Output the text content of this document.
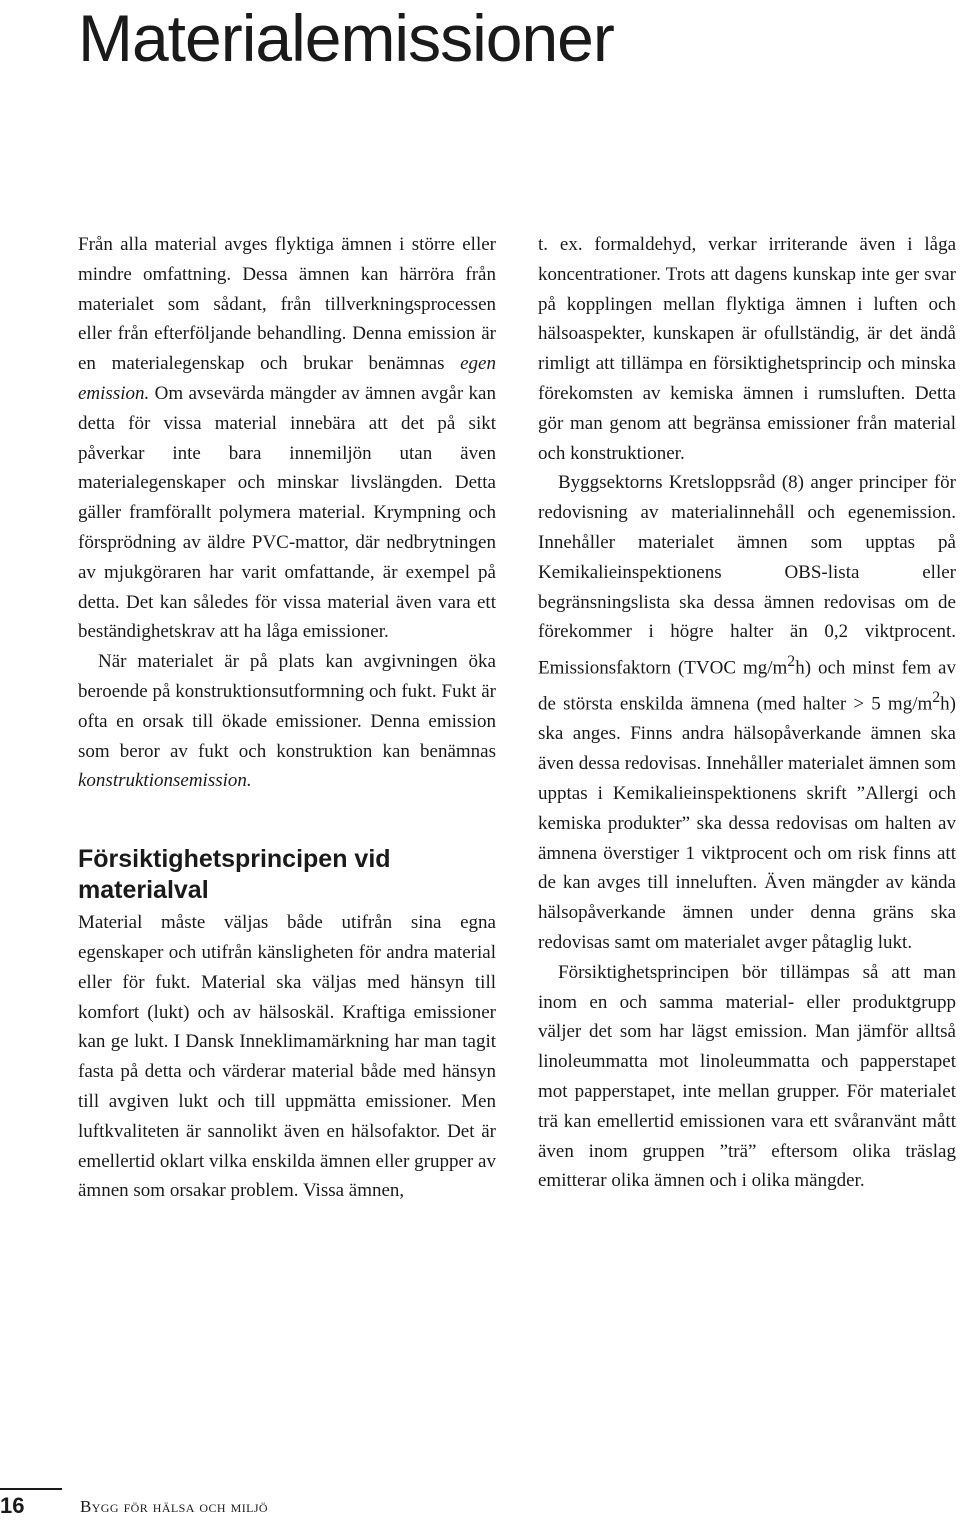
Materialemissioner

Från alla material avges flyktiga ämnen i större eller mindre omfattning. Dessa ämnen kan härröra från materialet som sådant, från tillverkningsprocessen eller från efterföljande behandling. Denna emission är en materialegenskap och brukar benämnas egen emission. Om avsevärda mängder av ämnen avgår kan detta för vissa material innebära att det på sikt påverkar inte bara innemiljön utan även materialegenskaper och minskar livslängden. Detta gäller framförallt polymera material. Krympning och försprödning av äldre PVC-mattor, där nedbrytningen av mjukgöraren har varit omfattande, är exempel på detta. Det kan således för vissa material även vara ett beständighetskrav att ha låga emissioner.

När materialet är på plats kan avgivningen öka beroende på konstruktionsutformning och fukt. Fukt är ofta en orsak till ökade emissioner. Denna emission som beror av fukt och konstruktion kan benämnas konstruktionsemission.

Försiktighetsprincipen vid materialval

Material måste väljas både utifrån sina egna egenskaper och utifrån känsligheten för andra material eller för fukt. Material ska väljas med hänsyn till komfort (lukt) och av hälsoskäl. Kraftiga emissioner kan ge lukt. I Dansk Inneklimamärkning har man tagit fasta på detta och värderar material både med hänsyn till avgiven lukt och till uppmätta emissioner. Men luftkvaliteten är sannolikt även en hälsofaktor. Det är emellertid oklart vilka enskilda ämnen eller grupper av ämnen som orsakar problem. Vissa ämnen,

t. ex. formaldehyd, verkar irriterande även i låga koncentrationer. Trots att dagens kunskap inte ger svar på kopplingen mellan flyktiga ämnen i luften och hälsoaspekter, kunskapen är ofullständig, är det ändå rimligt att tillämpa en försiktighetsprincip och minska förekomsten av kemiska ämnen i rumsluften. Detta gör man genom att begränsa emissioner från material och konstruktioner.

Byggsektorns Kretsloppsråd (8) anger principer för redovisning av materialinnehåll och egenemission. Innehåller materialet ämnen som upptas på Kemikalieinspektionens OBS-lista eller begränsningslista ska dessa ämnen redovisas om de förekommer i högre halter än 0,2 viktprocent. Emissionsfaktorn (TVOC $mg/m^2h$) och minst fem av de största enskilda ämnena (med halter > 5 $mg/m^2h$) ska anges. Finns andra hälsopåverkande ämnen ska även dessa redovisas. Innehåller materialet ämnen som upptas i Kemikalieinspektionens skrift ”Allergi och kemiska produkter” ska dessa redovisas om halten av ämnena överstiger 1 viktprocent och om risk finns att de kan avges till inneluften. Även mängder av kända hälsopåverkande ämnen under denna gräns ska redovisas samt om materialet avger påtaglig lukt.

Försiktighetsprincipen bör tillämpas så att man inom en och samma material- eller produktgrupp väljer det som har lägst emission. Man jämför alltså linoleummatta mot linoleummatta och papperstapet mot papperstapet, inte mellan grupper. För materialet trä kan emellertid emissionen vara ett svåranvänt mått även inom gruppen ”trä” eftersom olika träslag emitterar olika ämnen och i olika mängder.

16	Bygg för hälsa och miljö
